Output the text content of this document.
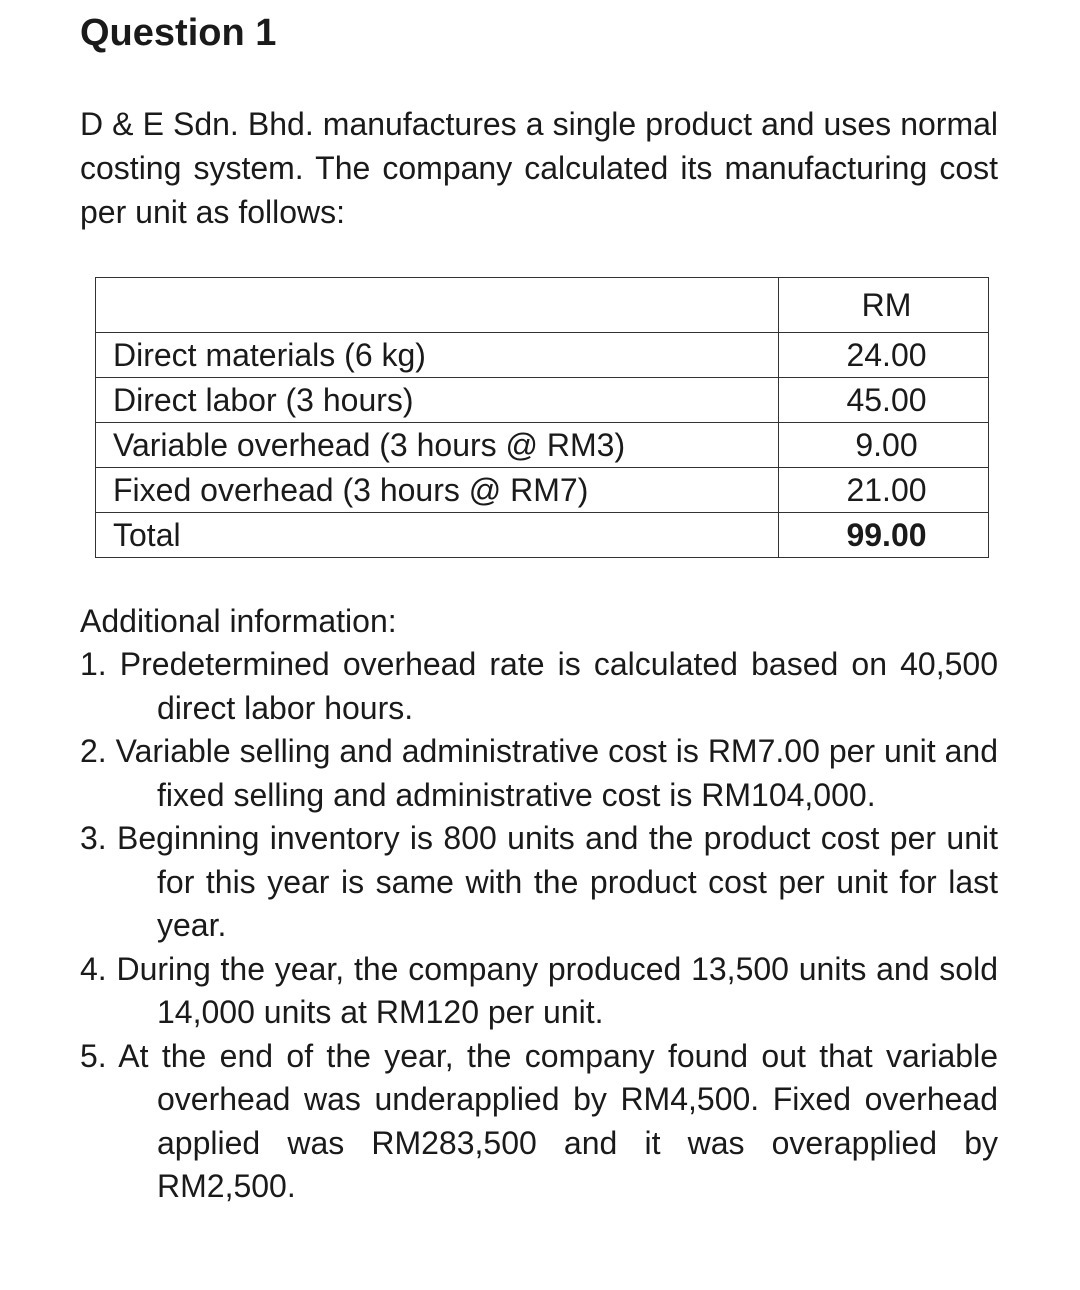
Question 1

D & E Sdn. Bhd. manufactures a single product and uses normal costing system. The company calculated its manufacturing cost per unit as follows:

	RM
Direct materials (6 kg)	24.00
Direct labor (3 hours)	45.00
Variable overhead (3 hours @ RM3)	9.00
Fixed overhead (3 hours @ RM7)	21.00
Total	99.00

Additional information:

1. Predetermined overhead rate is calculated based on 40,500 direct labor hours.
2. Variable selling and administrative cost is RM7.00 per unit and fixed selling and administrative cost is RM104,000.
3. Beginning inventory is 800 units and the product cost per unit for this year is same with the product cost per unit for last year.
4. During the year, the company produced 13,500 units and sold 14,000 units at RM120 per unit.
5. At the end of the year, the company found out that variable overhead was underapplied by RM4,500. Fixed overhead applied was RM283,500 and it was overapplied by RM2,500.
